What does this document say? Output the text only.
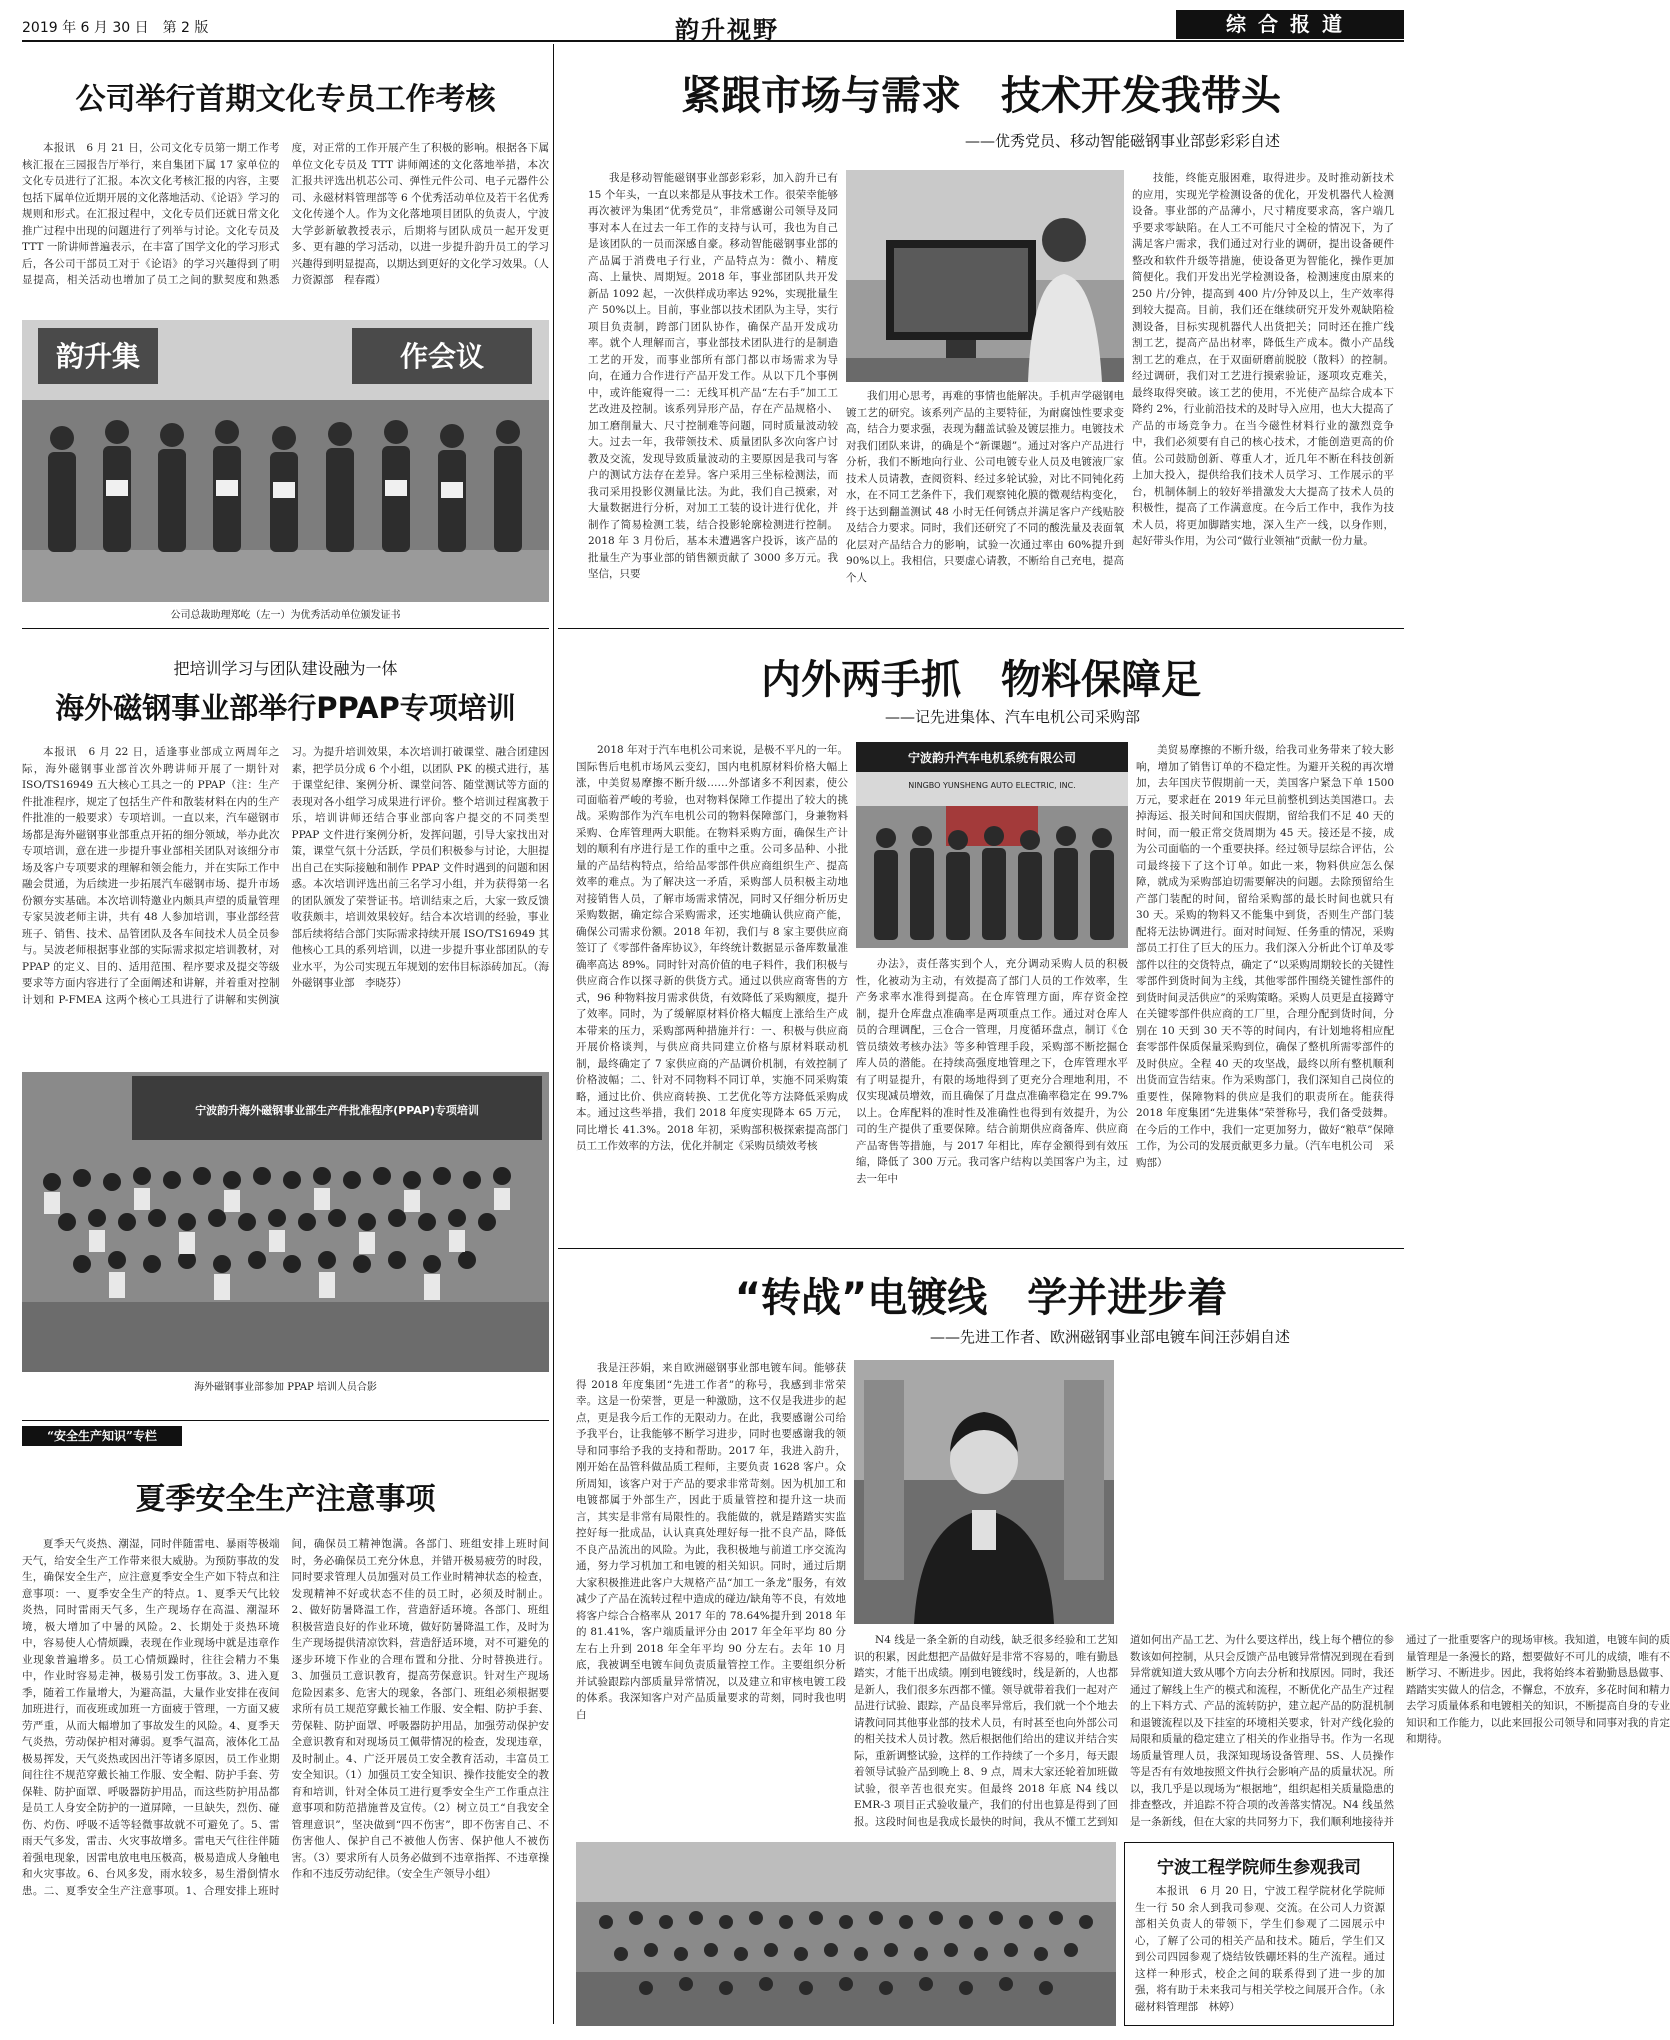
2019 年 6 月 30 日　第 2 版	韵升视野	综合报道
公司举行首期文化专员工作考核
本报讯　6 月 21 日，公司文化专员第一期工作考核汇报在三园报告厅举行，来自集团下属 17 家单位的文化专员进行了汇报。本次文化考核汇报的内容，主要包括下属单位近期开展的文化落地活动、《论语》学习的规则和形式。在汇报过程中，文化专员们还就日常文化推广过程中出现的问题进行了列举与讨论。文化专员及 TTT 一阶讲师普遍表示，在丰富了国学文化的学习形式后，各公司干部员工对于《论语》的学习兴趣得到了明显提高，相关活动也增加了员工之间的默契度和熟悉度，对正常的工作开展产生了积极的影响。根据各下属单位文化专员及 TTT 讲师阐述的文化落地举措，本次汇报共评选出机芯公司、弹性元件公司、电子元器件公司、永磁材料管理部等 6 个优秀活动单位及若干名优秀文化传递个人。作为文化落地项目团队的负责人，宁波大学彭新敏教授表示，后期将与团队成员一起开发更多、更有趣的学习活动，以进一步提升韵升员工的学习兴趣得到明显提高，以期达到更好的文化学习效果。（人力资源部　程春霞）
韵升集	作会议
公司总裁助理郑屹（左一）为优秀活动单位颁发证书
把培训学习与团队建设融为一体
海外磁钢事业部举行PPAP专项培训
本报讯　6 月 22 日，适逢事业部成立两周年之际，海外磁钢事业部首次外聘讲师开展了一期针对 ISO/TS16949 五大核心工具之一的 PPAP（注：生产件批准程序，规定了包括生产件和散装材料在内的生产件批准的一般要求）专项培训。一直以来，汽车磁钢市场都是海外磁钢事业部重点开拓的细分领域，举办此次专项培训，意在进一步提升事业部相关团队对该细分市场及客户专项要求的理解和领会能力，并在实际工作中融会贯通，为后续进一步拓展汽车磁钢市场、提升市场份额夯实基础。本次培训特邀业内颇具声望的质量管理专家吴波老师主讲，共有 48 人参加培训，事业部经营班子、销售、技术、品管团队及各车间技术人员全员参与。吴波老师根据事业部的实际需求拟定培训教材，对 PPAP 的定义、目的、适用范围、程序要求及提交等级要求等方面内容进行了全面阐述和讲解，并着重对控制计划和 P-FMEA 这两个核心工具进行了讲解和实例演习。为提升培训效果，本次培训打破课堂、融合团建因素，把学员分成 6 个小组，以团队 PK 的模式进行，基于课堂纪律、案例分析、课堂问答、随堂测试等方面的表现对各小组学习成果进行评价。整个培训过程寓教于乐，培训讲师还结合事业部向客户提交的不同类型 PPAP 文件进行案例分析，发挥问题，引导大家找出对策，课堂气氛十分活跃，学员们积极参与讨论，大胆提出自己在实际接触和制作 PPAP 文件时遇到的问题和困惑。本次培训评选出前三名学习小组，并为获得第一名的团队颁发了荣誉证书。培训结束之后，大家一致反馈收获颇丰，培训效果较好。结合本次培训的经验，事业部后续将结合部门实际需求持续开展 ISO/TS16949 其他核心工具的系列培训，以进一步提升事业部团队的专业水平，为公司实现五年规划的宏伟目标添砖加瓦。（海外磁钢事业部　李晓芬）
宁波韵升海外磁钢事业部生产件批准程序(PPAP)专项培训
海外磁钢事业部参加 PPAP 培训人员合影
“安全生产知识”专栏
夏季安全生产注意事项
夏季天气炎热、潮湿，同时伴随雷电、暴雨等极端天气，给安全生产工作带来很大威胁。为预防事故的发生，确保安全生产，应注意夏季安全生产如下特点和注意事项：一、夏季安全生产的特点。1、夏季天气比较炎热，同时雷雨天气多，生产现场存在高温、潮湿环境，极大增加了中暑的风险。2、长期处于炎热环境中，容易使人心情烦躁，表现在作业现场中就是违章作业现象普遍增多。员工心情烦躁时，往往会精力不集中，作业时容易走神，极易引发工伤事故。3、进入夏季，随着工作量增大，为避高温，大量作业安排在夜间加班进行，而夜班或加班一方面疲于管理，一方面又疲劳严重，从而大幅增加了事故发生的风险。4、夏季天气炎热，劳动保护相对薄弱。夏季气温高，液体化工品极易挥发，天气炎热或因出汗等诸多原因，员工作业期间往往不规范穿戴长袖工作服、安全帽、防护手套、劳保鞋、防护面罩、呼吸器防护用品，而这些防护用品都是员工人身安全防护的一道屏障，一旦缺失，烈伤、碰伤、灼伤、呼吸不适等轻微事故就不可避免了。5、雷雨天气多发，雷击、火灾事故增多。雷电天气往往伴随着强电现象，因雷电放电电压极高，极易造成人身触电和火灾事故。6、台风多发，雨水较多，易生滑倒情水患。二、夏季安全生产注意事项。1、合理安排上班时间，确保员工精神饱满。各部门、班组安排上班时间时，务必确保员工充分休息，并错开极易疲劳的时段，同时要求管理人员加强对员工作业时精神状态的检查，发现精神不好或状态不佳的员工时，必须及时制止。2、做好防暑降温工作，营造舒适环境。各部门、班组积极营造良好的作业环境，做好防暑降温工作，及时为生产现场提供清凉饮料，营造舒适环境，对不可避免的逐步环境下作业的合理布置和分批、分时替换进行。3、加强员工意识教育，提高劳保意识。针对生产现场危险因素多、危害大的现象，各部门、班组必须根据要求所有员工规范穿戴长袖工作服、安全帽、防护手套、劳保鞋、防护面罩、呼吸器防护用品，加强劳动保护安全意识教育和对现场员工佩带情况的检查，发现违章，及时制止。4、广泛开展员工安全教育活动，丰富员工安全知识。（1）加强员工安全知识、操作技能安全的教育和培训，针对全体员工进行夏季安全生产工作重点注意事项和防范措施普及宣传。（2）树立员工“自我安全管理意识”，坚决做到“四不伤害”，即不伤害自己、不伤害他人、保护自己不被他人伤害、保护他人不被伤害。（3）要求所有人员务必做到不违章指挥、不违章操作和不违反劳动纪律。（安全生产领导小组）
紧跟市场与需求　技术开发我带头
——优秀党员、移动智能磁钢事业部彭彩彩自述
我是移动智能磁钢事业部彭彩彩，加入韵升已有 15 个年头，一直以来都是从事技术工作。很荣幸能够再次被评为集团“优秀党员”，非常感谢公司领导及同事对本人在过去一年工作的支持与认可，我也为自己是该团队的一员而深感自豪。移动智能磁钢事业部的产品属于消费电子行业，产品特点为：微小、精度高、上量快、周期短。2018 年，事业部团队共开发新品 1092 起，一次供样成功率达 92%，实现批量生产 50%以上。目前，事业部以技术团队为主导，实行项目负责制，跨部门团队协作，确保产品开发成功率。就个人理解而言，事业部技术团队进行的是制造工艺的开发，而事业部所有部门都以市场需求为导向，在通力合作进行产品开发工作。从以下几个事例中，或许能窥得一二：无线耳机产品“左右手”加工工艺改进及控制。该系列异形产品，存在产品规格小、加工磨削量大、尺寸控制难等问题，同时质量波动较大。过去一年，我带领技术、质量团队多次向客户讨教及交流，发现导致质量波动的主要原因是我司与客户的测试方法存在差异。客户采用三坐标检测法，而我司采用投影仪测量比法。为此，我们自己摸索，对大量数据进行分析，对加工工装的设计进行优化，并制作了简易检测工装，结合投影轮廓检测进行控制。2018 年 3 月份后，基本未遭遇客户投诉，该产品的批量生产为事业部的销售额贡献了 3000 多万元。我坚信，只要
我们用心思考，再难的事情也能解决。手机声学磁钢电镀工艺的研究。该系列产品的主要特征，为耐腐蚀性要求变高，结合力要求强，表现为翻盖试验及镀层推力。电镀技术对我们团队来讲，的确是个“新课题”。通过对客户产品进行分析，我们不断地向行业、公司电镀专业人员及电镀液厂家技术人员请教，查阅资料、经过多轮试验，对比不同钝化药水，在不同工艺条件下，我们观察钝化膜的微观结构变化，终于达到翻盖测试 48 小时无任何锈点并满足客户产线贴胶及结合力要求。同时，我们还研究了不同的酸洗量及表面氧化层对产品结合力的影响，试验一次通过率由 60%提升到 90%以上。我相信，只要虚心请教，不断给自己充电，提高个人
技能，终能克服困难，取得进步。及时推动新技术的应用，实现光学检测设备的优化，开发机器代人检测设备。事业部的产品薄小，尺寸精度要求高，客户端几乎要求零缺陷。在人工不可能尺寸全检的情况下，为了满足客户需求，我们通过对行业的调研，提出设备硬件整改和软件升级等措施，使设备更为智能化，操作更加简便化。我们开发出光学检测设备，检测速度由原来的 250 片/分钟，提高到 400 片/分钟及以上，生产效率得到较大提高。目前，我们还在继续研究开发外观缺陷检测设备，目标实现机器代人出货把关；同时还在推广线割工艺，提高产品出材率，降低生产成本。微小产品线割工艺的难点，在于双面研磨前脱胶（散料）的控制。经过调研，我们对工艺进行摸索验证，逐项攻克难关，最终取得突破。该工艺的使用，不光使产品综合成本下降约 2%，行业前沿技术的及时导入应用，也大大提高了产品的市场竞争力。在当今磁性材料行业的激烈竞争中，我们必须要有自己的核心技术，才能创造更高的价值。公司鼓励创新、尊重人才，近几年不断在科技创新上加大投入，提供给我们技术人员学习、工作展示的平台，机制体制上的较好举措激发大大提高了技术人员的积极性，提高了工作满意度。在今后工作中，我作为技术人员，将更加脚踏实地，深入生产一线，以身作则，起好带头作用，为公司“做行业领袖”贡献一份力量。
内外两手抓　物料保障足
——记先进集体、汽车电机公司采购部
2018 年对于汽车电机公司来说，是极不平凡的一年。国际售后电机市场风云变幻，国内电机原材料价格大幅上涨，中美贸易摩擦不断升级……外部诸多不利因素，使公司面临着严峻的考验，也对物料保障工作提出了较大的挑战。采购部作为汽车电机公司的物料保障部门，身兼物料采购、仓库管理两大职能。在物料采购方面，确保生产计划的顺利有序进行是工作的重中之重。公司多品种、小批量的产品结构特点，给给品零部件供应商组织生产、提高效率的难点。为了解决这一矛盾，采购部人员积极主动地对接销售人员，了解市场需求情况，同时又仔细分析历史采购数据，确定综合采购需求，还实地确认供应商产能，确保公司需求份额。2018 年初，我们与 8 家主要供应商签订了《零部件备库协议》，年终统计数据显示备库数量准确率高达 89%。同时针对高价值的电子料件，我们积极与供应商合作以探寻新的供货方式。通过以供应商寄售的方式，96 种物料按月需求供货，有效降低了采购额度，提升了效率。同时，为了缓解原材料价格大幅度上涨给生产成本带来的压力，采购部两种措施并行：一、积极与供应商开展价格谈判，与供应商共同建立价格与原材料联动机制，最终确定了 7 家供应商的产品调价机制，有效控制了价格波幅；二、针对不同物料不同订单，实施不同采购策略，通过比价、供应商转换、工艺优化等方法降低采购成本。通过这些举措，我们 2018 年度实现降本 65 万元，同比增长 41.3%。2018 年初，采购部积极探索提高部门员工工作效率的方法，优化并制定《采购员绩效考核
宁波韵升汽车电机系统有限公司
NINGBO YUNSHENG AUTO ELECTRIC, INC.
办法》，责任落实到个人，充分调动采购人员的积极性，化被动为主动，有效提高了部门人员的工作效率，生产务求率水准得到提高。在仓库管理方面，库存资金控制，提升仓库盘点准确率是两项重点工作。通过对仓库人员的合理调配，三仓合一管理，月度循环盘点，制订《仓管员绩效考核办法》等多种管理手段，采购部不断挖掘仓库人员的潜能。在持续高强度地管理之下，仓库管理水平有了明显提升，有限的场地得到了更充分合理地利用，不仅实现减员增效，而且确保了月盘点准确率稳定在 99.7%以上。仓库配料的准时性及准确性也得到有效提升，为公司的生产提供了重要保障。结合前期供应商备库、供应商产品寄售等措施，与 2017 年相比，库存金额得到有效压缩，降低了 300 万元。我司客户结构以美国客户为主，过去一年中
美贸易摩擦的不断升级，给我司业务带来了较大影响，增加了销售订单的不稳定性。为避开关税的再次增加，去年国庆节假期前一天，美国客户紧急下单 1500 万元，要求赶在 2019 年元旦前整机到达美国港口。去掉海运、报关时间和国庆假期，留给我们不足 40 天的时间，而一般正常交货周期为 45 天。接还是不接，成为公司面临的一个重要抉择。经过领导层综合评估，公司最终接下了这个订单。如此一来，物料供应怎么保障，就成为采购部迫切需要解决的问题。去除预留给生产部门装配的时间，留给采购部的最长时间也就只有 30 天。采购的物料又不能集中到货，否则生产部门装配将无法协调进行。面对时间短、任务重的情况，采购部员工打住了巨大的压力。我们深入分析此个订单及零部件以往的交货特点，确定了“以采购周期较长的关键性零部件到货时间为主线，其他零部件围绕关键性部件的到货时间灵活供应”的采购策略。采购人员更是直接蹲守在关键零部件供应商的工厂里，合理分配到货时间，分别在 10 天到 30 天不等的时间内，有计划地将相应配套零部件保质保量采购到位，确保了整机所需零部件的及时供应。全程 40 天的攻坚战，最终以所有整机顺利出货而宣告结束。作为采购部门，我们深知自己岗位的重要性，保障物料的供应是我们的职责所在。能获得 2018 年度集团“先进集体”荣誉称号，我们备受鼓舞。在今后的工作中，我们一定更加努力，做好“粮草”保障工作，为公司的发展贡献更多力量。（汽车电机公司　采购部）
“转战”电镀线　学并进步着
——先进工作者、欧洲磁钢事业部电镀车间汪莎娟自述
我是汪莎娟，来自欧洲磁钢事业部电镀车间。能够获得 2018 年度集团“先进工作者”的称号，我感到非常荣幸。这是一份荣誉，更是一种激励，这不仅是我进步的起点，更是我今后工作的无限动力。在此，我要感谢公司给予我平台，让我能够不断学习进步，同时也要感谢我的领导和同事给予我的支持和帮助。2017 年，我进入韵升，刚开始在品管科做品质工程师，主要负责 1628 客户。众所周知，该客户对于产品的要求非常苛刻。因为机加工和电镀都属于外部生产，因此于质量管控和提升这一块而言，其实是非常有局限性的。我能做的，就是踏踏实实监控好每一批成品，认认真真处理好每一批不良产品，降低不良产品流出的风险。为此，我积极地与前道工序交流沟通，努力学习机加工和电镀的相关知识。同时，通过后期大家积极推进此客户大规格产品“加工一条龙”服务，有效减少了产品在流转过程中造成的碰边/缺角等不良，有效地将客户综合合格率从 2017 年的 78.64%提升到 2018 年的 81.41%，客户端质量评分由 2017 年全年平均 80 分左右上升到 2018 年全年平均 90 分左右。去年 10 月底，我被调至电镀车间负责质量管控工作。主要组织分析并试验跟踪内部质量异常情况，以及建立和审核电镀工段的体系。我深知客户对产品质量要求的苛刻，同时我也明白
N4 线是一条全新的自动线，缺乏很多经验和工艺知识的积累，因此想把产品做好是非常不容易的，唯有勤恳踏实，才能干出成绩。刚到电镀线时，线是新的，人也都是新人，我们很多东西都不懂。领导就带着我们一起对产品进行试验、跟踪，产品良率异常后，我们就一个个地去请教问同其他事业部的技术人员，有时甚至也向外部公司的相关技术人员讨教。然后根据他们给出的建议并结合实际，重新调整试验，这样的工作持续了一个多月，每天跟着领导试验产品到晚上 8、9 点，周末大家还轮着加班做试验，很辛苦也很充实。但最终 2018 年底 N4 线以 EMR-3 项目正式验收量产，我们的付出也算是得到了回报。这段时间也是我成长最快的时间，我从不懂工艺到知道如何出产品工艺、为什么要这样出，线上每个槽位的参数该如何控制，从只会反馈产品电镀异常情况到现在看到异常就知道大致从哪个方向去分析和找原因。同时，我还通过了解线上生产的模式和流程，不断优化产品生产过程的上下料方式、产品的流转防护，建立起产品的防混机制和退镀流程以及下挂室的环境相关要求，针对产线化验的局限和质量的稳定建立了相关的作业指导书。作为一名现场质量管理人员，我深知现场设备管理、5S、人员操作等是否有有效地按照文件执行会影响产品的质量状况。所以，我几乎是以现场为“根据地”，组织起相关质量隐患的排查整改，并追踪不符合项的改善落实情况。N4 线虽然是一条新线，但在大家的共同努力下，我们顺利地接待并通过了一批重要客户的现场审核。我知道，电镀车间的质量管理是一条漫长的路，想要做好不可儿的成绩，唯有不断学习、不断进步。因此，我将始终本着勤勤恳恳做事、踏踏实实做人的信念，不懈怠，不放弃，多花时间和精力去学习质量体系和电镀相关的知识，不断提高自身的专业知识和工作能力，以此来回报公司领导和同事对我的肯定和期待。
宁波工程学院师生参观我司
本报讯　6 月 20 日，宁波工程学院材化学院师生一行 50 余人到我司参观、交流。在公司人力资源部相关负责人的带领下，学生们参观了二园展示中心，了解了公司的相关产品和技术。随后，学生们又到公司四园参观了烧结钕铁硼坯料的生产流程。通过这样一种形式，校企之间的联系得到了进一步的加强，将有助于未来我司与相关学校之间展开合作。（永磁材料管理部　林婷）
